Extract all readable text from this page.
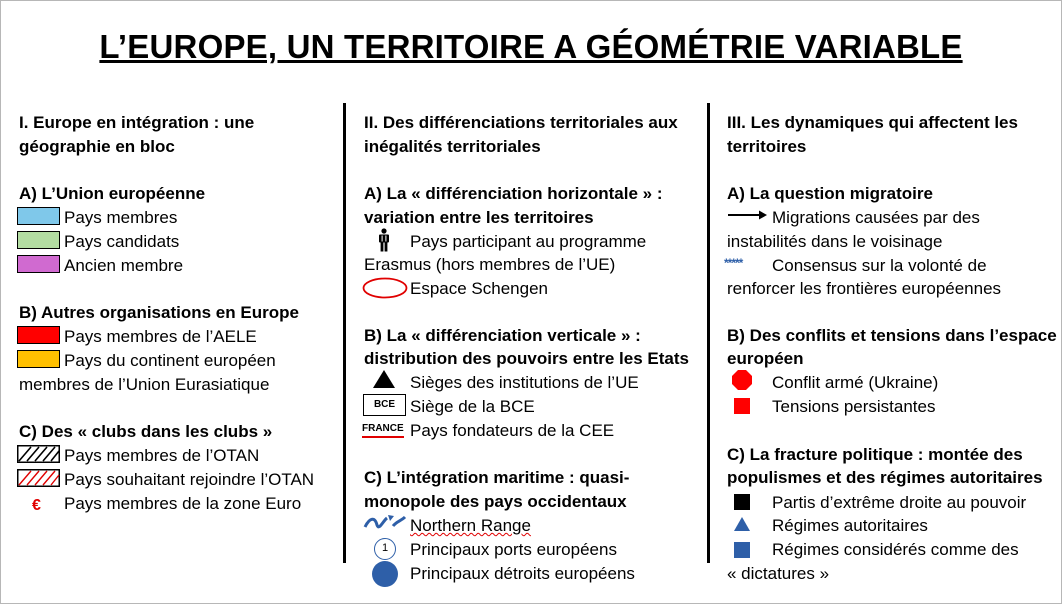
L’EUROPE, UN TERRITOIRE A GÉOMÉTRIE VARIABLE
I. Europe en intégration : une
géographie en bloc
A) L’Union européenne
Pays membres
Pays candidats
Ancien membre
B) Autres organisations en Europe
Pays membres de l’AELE
Pays du continent européen
membres de l’Union Eurasiatique
C) Des « clubs dans les clubs »
Pays membres de l’OTAN
Pays souhaitant rejoindre l’OTAN
€ Pays membres de la zone Euro
II. Des différenciations territoriales aux
inégalités territoriales
A) La « différenciation horizontale » :
variation entre les territoires
Pays participant au programme
Erasmus (hors membres de l’UE)
Espace Schengen
B) La « différenciation verticale » :
distribution des pouvoirs entre les Etats
Sièges des institutions de l’UE
BCE Siège de la BCE
FRANCE Pays fondateurs de la CEE
C) L’intégration maritime : quasi-
monopole des pays occidentaux
Northern Range
1	Principaux ports européens
Principaux détroits européens
III. Les dynamiques qui affectent les
territoires
A) La question migratoire
Migrations causées par des
instabilités dans le voisinage
***** Consensus sur la volonté de
renforcer les frontières européennes
B) Des conflits et tensions dans l’espace
européen
Conflit armé (Ukraine)
Tensions persistantes
C) La fracture politique : montée des
populismes et des régimes autoritaires
Partis d’extrême droite au pouvoir
Régimes autoritaires
Régimes considérés comme des
« dictatures »
